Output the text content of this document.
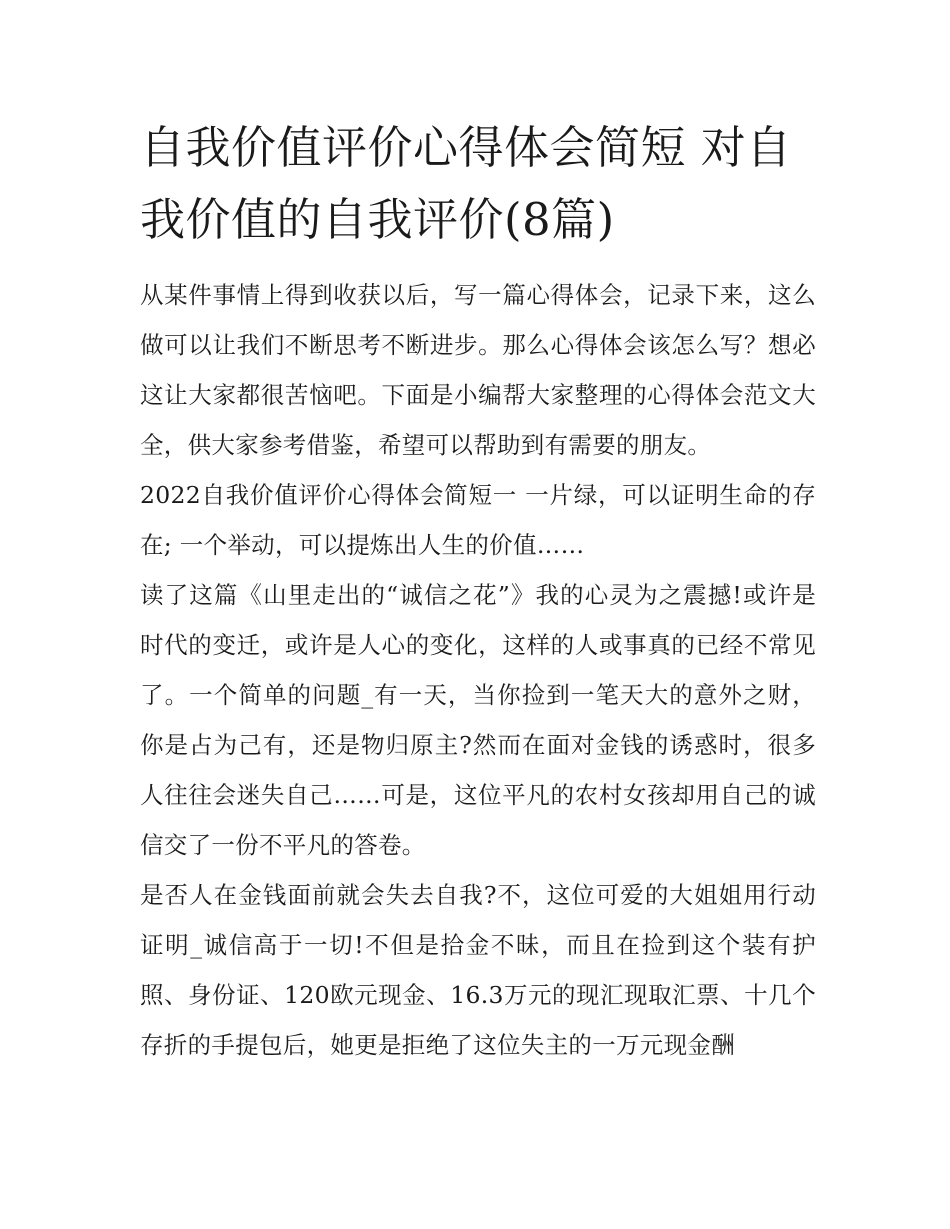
自我价值评价心得体会简短 对自我价值的自我评价(8篇)

从某件事情上得到收获以后，写一篇心得体会，记录下来，这么做可以让我们不断思考不断进步。那么心得体会该怎么写？想必这让大家都很苦恼吧。下面是小编帮大家整理的心得体会范文大全，供大家参考借鉴，希望可以帮助到有需要的朋友。

2022自我价值评价心得体会简短一 一片绿，可以证明生命的存在; 一个举动，可以提炼出人生的价值……

读了这篇《山里走出的“诚信之花”》我的心灵为之震撼!或许是时代的变迁，或许是人心的变化，这样的人或事真的已经不常见了。一个简单的问题_有一天，当你捡到一笔天大的意外之财，你是占为己有，还是物归原主?然而在面对金钱的诱惑时，很多人往往会迷失自己……可是，这位平凡的农村女孩却用自己的诚信交了一份不平凡的答卷。

是否人在金钱面前就会失去自我?不，这位可爱的大姐姐用行动证明_诚信高于一切!不但是拾金不昧，而且在捡到这个装有护照、身份证、120欧元现金、16.3万元的现汇现取汇票、十几个存折的手提包后，她更是拒绝了这位失主的一万元现金酬
